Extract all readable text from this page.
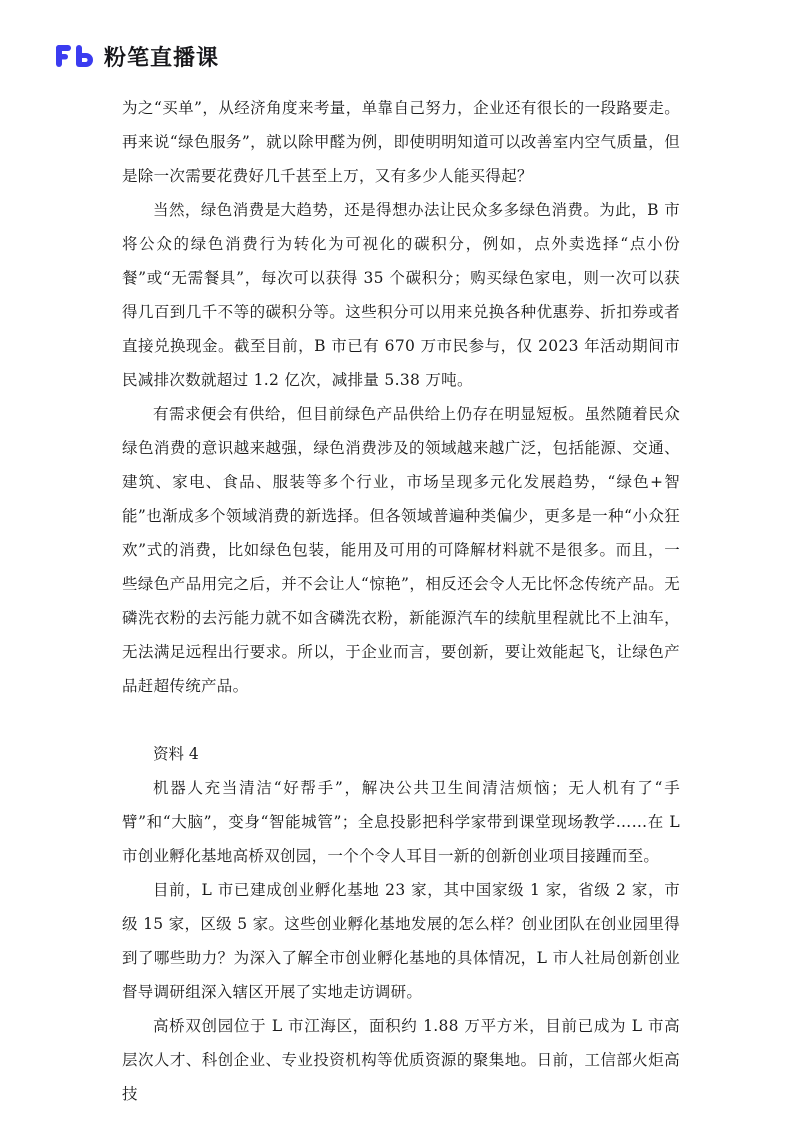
粉笔直播课

为之“买单”，从经济角度来考量，单靠自己努力，企业还有很长的一段路要走。再来说“绿色服务”，就以除甲醛为例，即使明明知道可以改善室内空气质量，但是除一次需要花费好几千甚至上万，又有多少人能买得起？

当然，绿色消费是大趋势，还是得想办法让民众多多绿色消费。为此，B 市将公众的绿色消费行为转化为可视化的碳积分，例如，点外卖选择“点小份餐”或“无需餐具”，每次可以获得 35 个碳积分；购买绿色家电，则一次可以获得几百到几千不等的碳积分等。这些积分可以用来兑换各种优惠券、折扣券或者直接兑换现金。截至目前，B 市已有 670 万市民参与，仅 2023 年活动期间市民减排次数就超过 1.2 亿次，减排量 5.38 万吨。

有需求便会有供给，但目前绿色产品供给上仍存在明显短板。虽然随着民众绿色消费的意识越来越强，绿色消费涉及的领域越来越广泛，包括能源、交通、建筑、家电、食品、服装等多个行业，市场呈现多元化发展趋势，“绿色+智能”也渐成多个领域消费的新选择。但各领域普遍种类偏少，更多是一种“小众狂欢”式的消费，比如绿色包装，能用及可用的可降解材料就不是很多。而且，一些绿色产品用完之后，并不会让人“惊艳”，相反还会令人无比怀念传统产品。无磷洗衣粉的去污能力就不如含磷洗衣粉，新能源汽车的续航里程就比不上油车，无法满足远程出行要求。所以，于企业而言，要创新，要让效能起飞，让绿色产品赶超传统产品。

资料 4

机器人充当清洁“好帮手”，解决公共卫生间清洁烦恼；无人机有了“手臂”和“大脑”，变身“智能城管”；全息投影把科学家带到课堂现场教学……在 L 市创业孵化基地高桥双创园，一个个令人耳目一新的创新创业项目接踵而至。

目前，L 市已建成创业孵化基地 23 家，其中国家级 1 家，省级 2 家，市级 15 家，区级 5 家。这些创业孵化基地发展的怎么样？创业团队在创业园里得到了哪些助力？为深入了解全市创业孵化基地的具体情况，L 市人社局创新创业督导调研组深入辖区开展了实地走访调研。

高桥双创园位于 L 市江海区，面积约 1.88 万平方米，目前已成为 L 市高层次人才、科创企业、专业投资机构等优质资源的聚集地。日前，工信部火炬高技
